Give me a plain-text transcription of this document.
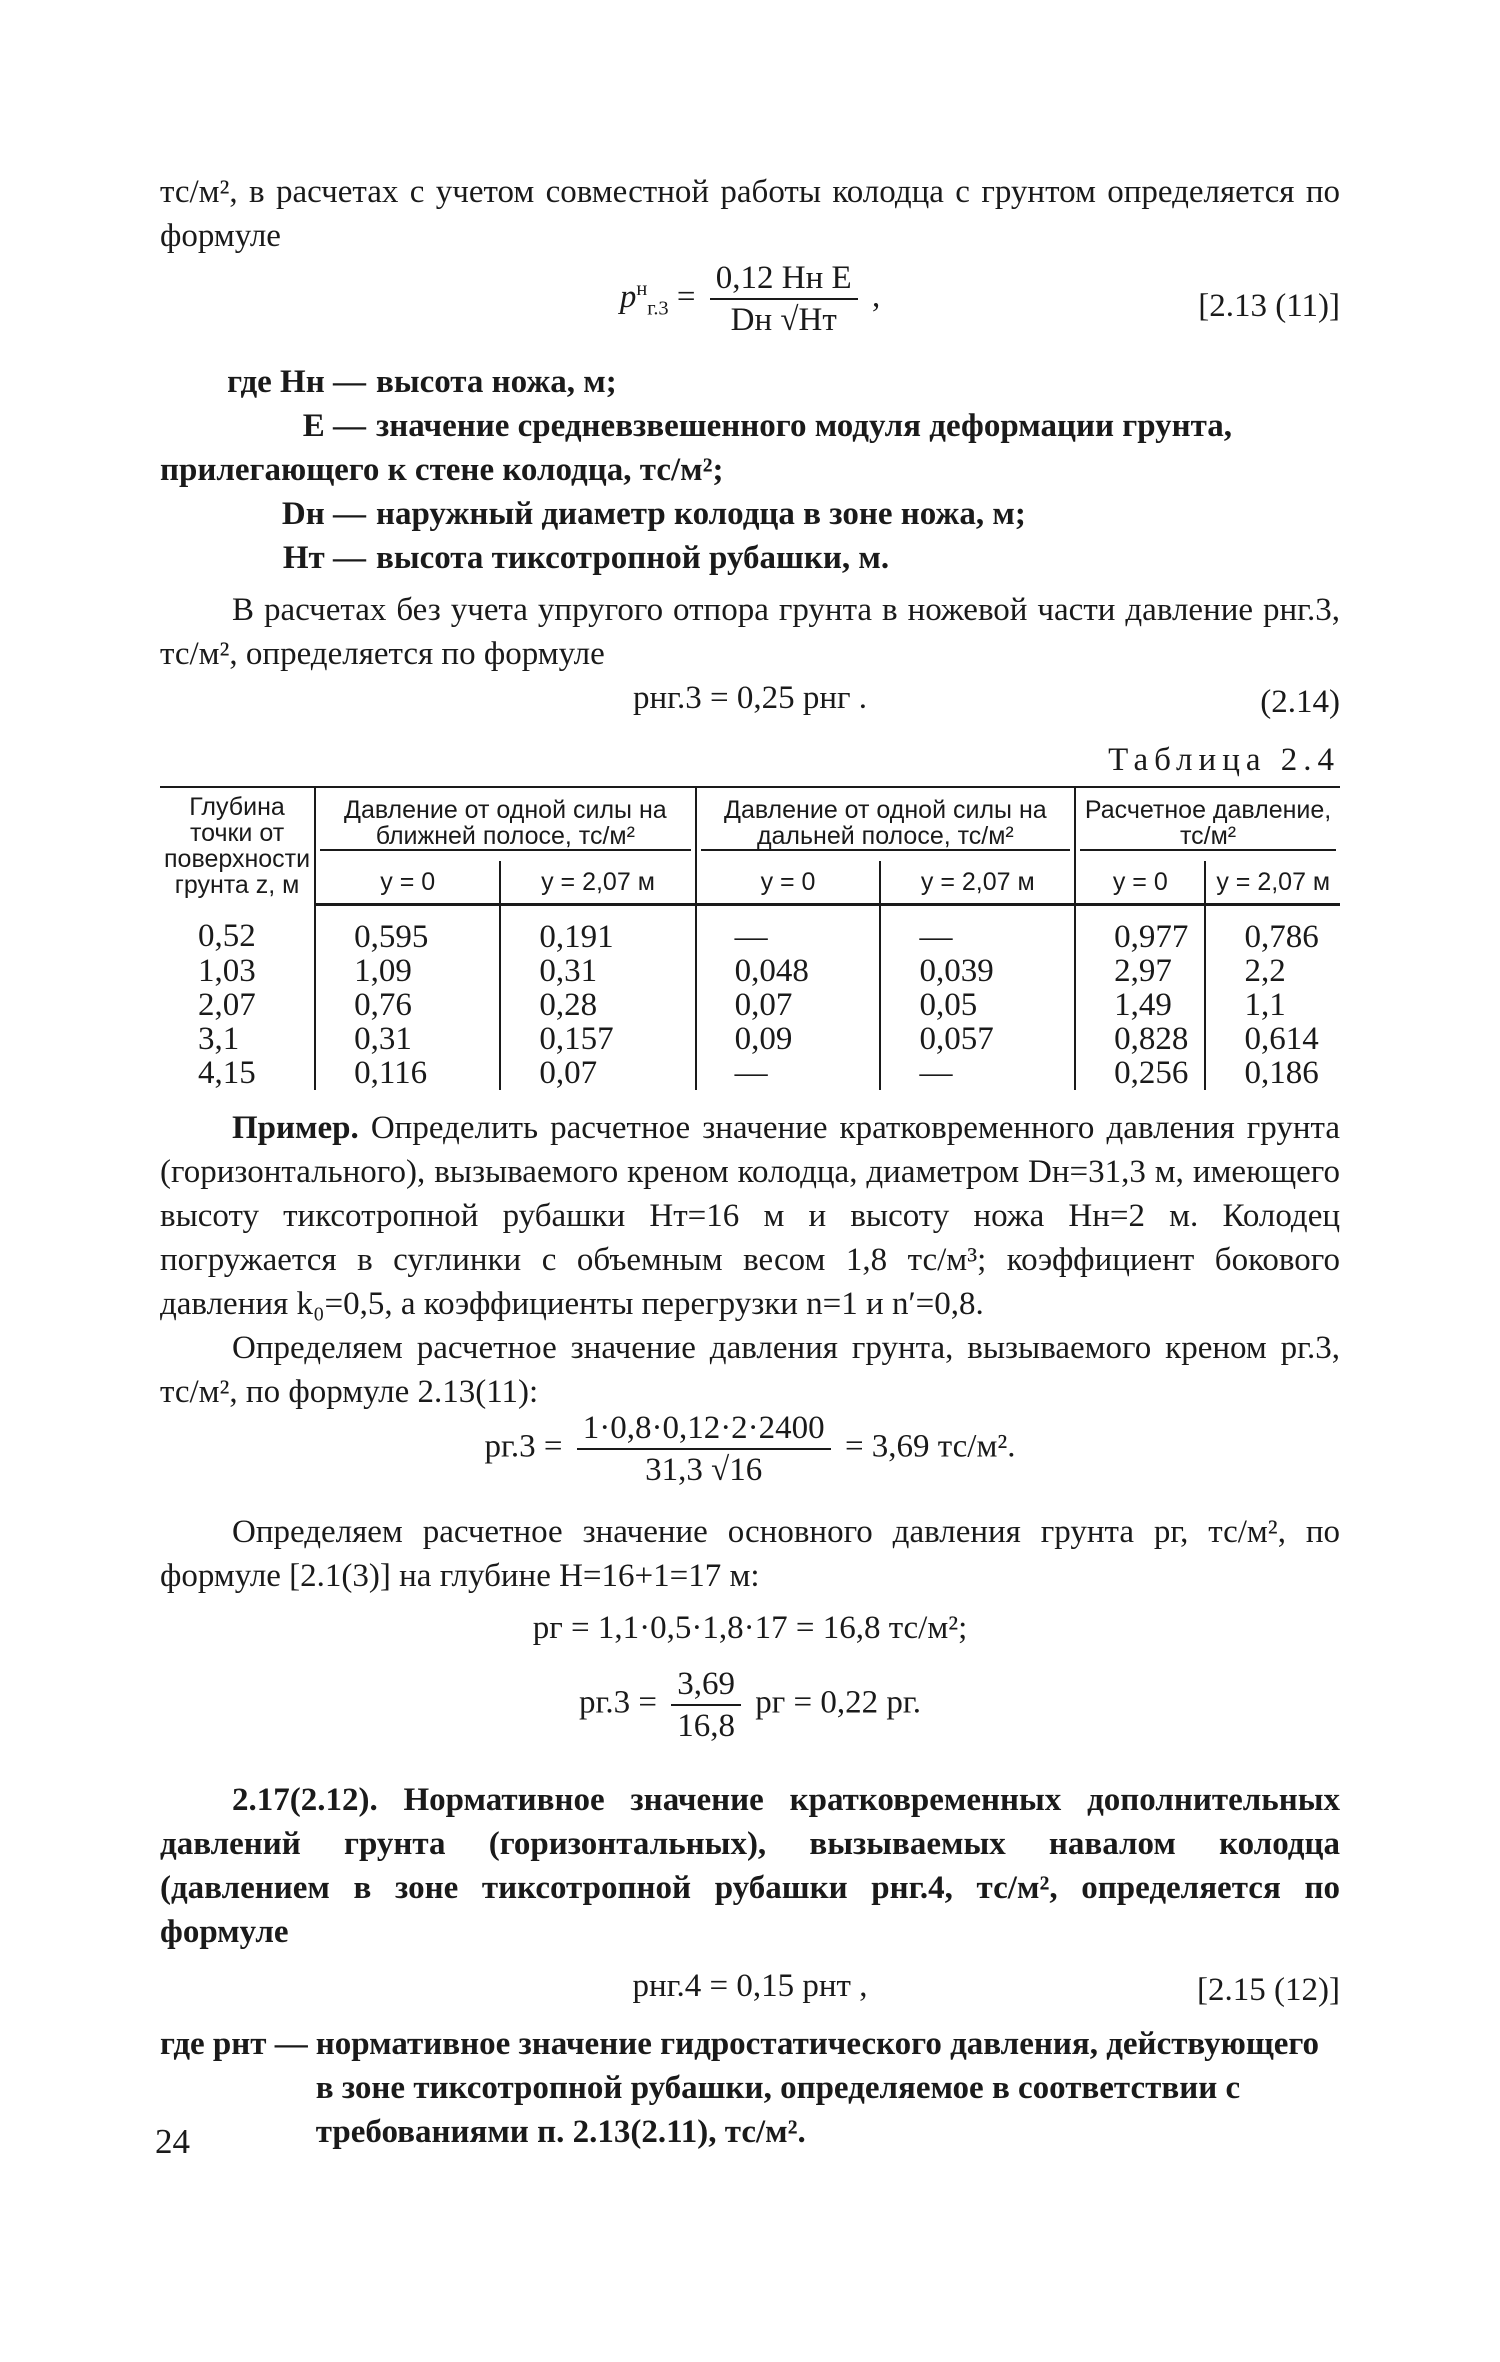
тс/м², в расчетах с учетом совместной работы колодца с грунтом определяется по формуле

$p^н_{г.3} = \frac{\text{0,12 Hн E}}{Dн √Hт}$ ,	[2.13 (11)]
где Hн — высота ножа, м;
E — значение средневзвешенного модуля деформации грунта,
прилегающего к стене колодца, тс/м²;
Dн — наружный диаметр колодца в зоне ножа, м;
Hт — высота тиксотропной рубашки, м.

В расчетах без учета упругого отпора грунта в ножевой части давление pнг.3, тс/м², определяется по формуле

pнг.3 = 0,25 pнг .	(2.14)
Таблица 2.4
Глубина точки от поверхности грунта z, м	Давление от одной силы на ближней полосе, тс/м²		Давление от одной силы на дальней полосе, тс/м²		Расчетное давление, тс/м²	

	y = 0	y = 2,07 м	y = 0	y = 2,07 м	y = 0	y = 2,07 м
0,52	0,595	0,191	—	—	0,977	0,786
1,03	1,09	0,31	0,048	0,039	2,97	2,2
2,07	0,76	0,28	0,07	0,05	1,49	1,1
3,1	0,31	0,157	0,09	0,057	0,828	0,614
4,15	0,116	0,07	—	—	0,256	0,186

Пример. Определить расчетное значение кратковременного давления грунта (горизонтального), вызываемого креном колодца, диаметром Dн=31,3 м, имеющего высоту тиксотропной рубашки Hт=16 м и высоту ножа Hн=2 м. Колодец погружается в суглинки с объемным весом 1,8 тс/м³; коэффициент бокового давления k₀=0,5, а коэффициенты перегрузки n=1 и n′=0,8.

Определяем расчетное значение давления грунта, вызываемого креном pг.3, тс/м², по формуле 2.13(11):

$pг.3 = \frac{1\cdot 0,8\cdot 0,12\cdot 2\cdot 2400}{31,3 √16} = 3,69$ тс/м².

Определяем расчетное значение основного давления грунта pг, тс/м², по формуле [2.1(3)] на глубине H=16+1=17 м:

pг = 1,1·0,5·1,8·17 = 16,8 тс/м²;
$pг.3 = \frac{3,69}{16,8}$ pг = 0,22 pг.

2.17(2.12). Нормативное значение кратковременных дополнительных давлений грунта (горизонтальных), вызываемых навалом колодца (давлением в зоне тиксотропной рубашки pнг.4, тс/м², определяется по формуле

pнг.4 = 0,15 pнт ,	[2.15 (12)]
где pнт — нормативное значение гидростатического давления, действующего в зоне тиксотропной рубашки, определяемое в соответствии с требованиями п. 2.13(2.11), тс/м².
24
